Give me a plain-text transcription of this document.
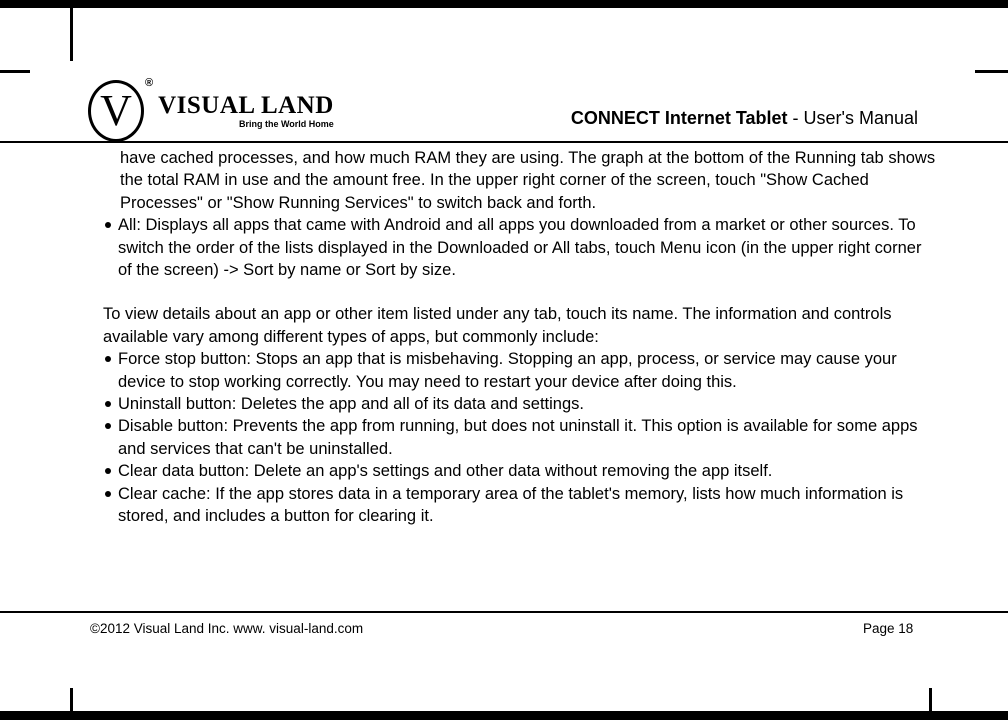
V
®
VISUAL LAND
Bring the World Home	CONNECT Internet Tablet - User's Manual

have cached processes, and how much RAM they are using. The graph at the bottom of the Running tab shows the total RAM in use and the amount free. In the upper right corner of the screen, touch "Show Cached Processes" or "Show Running Services" to switch back and forth.

All: Displays all apps that came with Android and all apps you downloaded from a market or other sources. To switch the order of the lists displayed in the Downloaded or All tabs, touch Menu icon (in the upper right corner of the screen) -> Sort by name or Sort by size.

To view details about an app or other item listed under any tab, touch its name. The information and controls available vary among different types of apps, but commonly include:

Force stop button: Stops an app that is misbehaving. Stopping an app, process, or service may cause your device to stop working correctly. You may need to restart your device after doing this.
Uninstall button: Deletes the app and all of its data and settings.
Disable button: Prevents the app from running, but does not uninstall it. This option is available for some apps and services that can't be uninstalled.
Clear data button: Delete an app's settings and other data without removing the app itself.
Clear cache: If the app stores data in a temporary area of the tablet's memory, lists how much information is stored, and includes a button for clearing it.
©2012 Visual Land Inc. www. visual-land.com	Page 18
